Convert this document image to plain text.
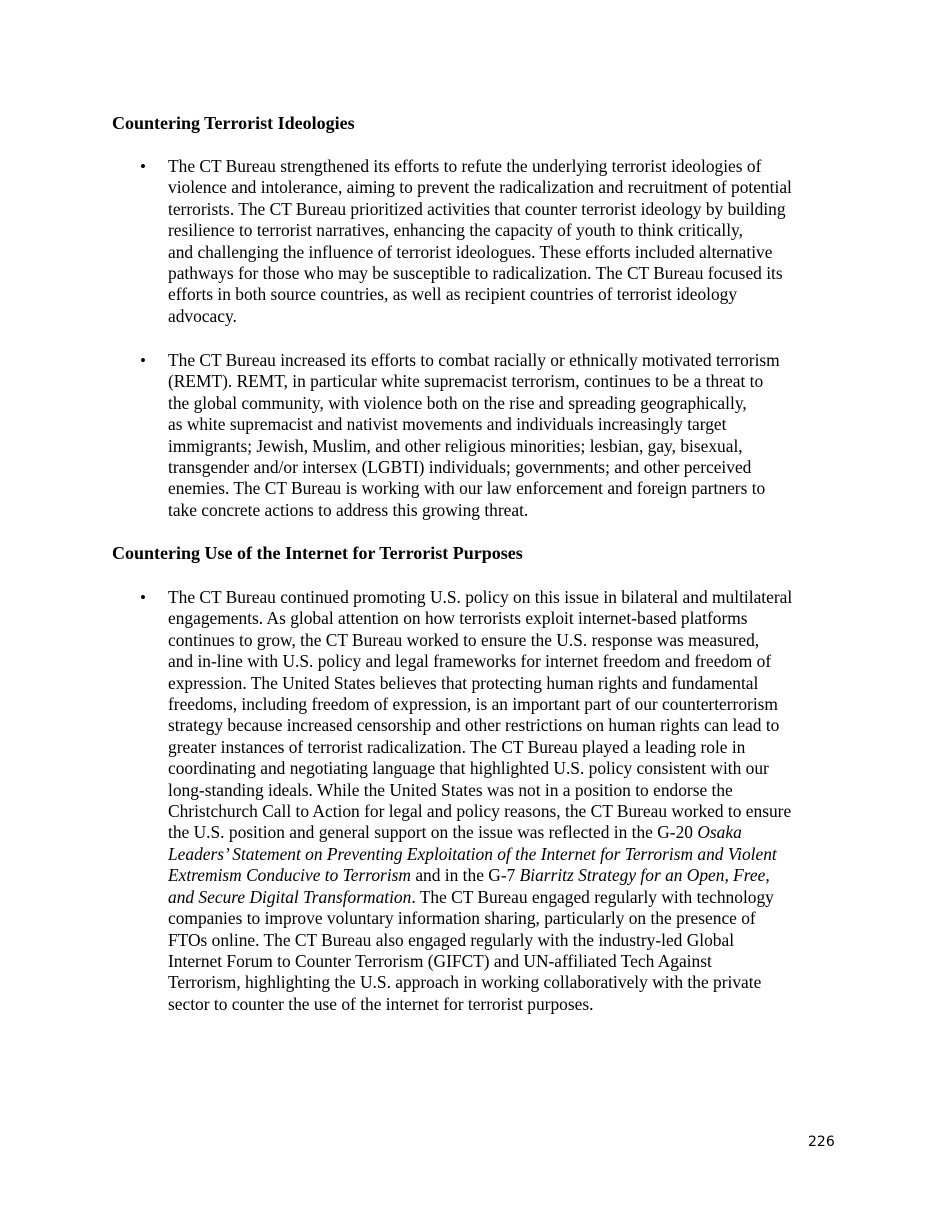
Countering Terrorist Ideologies
• The CT Bureau strengthened its efforts to refute the underlying terrorist ideologies of
violence and intolerance, aiming to prevent the radicalization and recruitment of potential
terrorists. The CT Bureau prioritized activities that counter terrorist ideology by building
resilience to terrorist narratives, enhancing the capacity of youth to think critically,
and challenging the influence of terrorist ideologues. These efforts included alternative
pathways for those who may be susceptible to radicalization. The CT Bureau focused its
efforts in both source countries, as well as recipient countries of terrorist ideology
advocacy.
• The CT Bureau increased its efforts to combat racially or ethnically motivated terrorism
(REMT). REMT, in particular white supremacist terrorism, continues to be a threat to
the global community, with violence both on the rise and spreading geographically,
as white supremacist and nativist movements and individuals increasingly target
immigrants; Jewish, Muslim, and other religious minorities; lesbian, gay, bisexual,
transgender and/or intersex (LGBTI) individuals; governments; and other perceived
enemies. The CT Bureau is working with our law enforcement and foreign partners to
take concrete actions to address this growing threat.
Countering Use of the Internet for Terrorist Purposes
• The CT Bureau continued promoting U.S. policy on this issue in bilateral and multilateral
engagements. As global attention on how terrorists exploit internet-based platforms
continues to grow, the CT Bureau worked to ensure the U.S. response was measured,
and in-line with U.S. policy and legal frameworks for internet freedom and freedom of
expression. The United States believes that protecting human rights and fundamental
freedoms, including freedom of expression, is an important part of our counterterrorism
strategy because increased censorship and other restrictions on human rights can lead to
greater instances of terrorist radicalization. The CT Bureau played a leading role in
coordinating and negotiating language that highlighted U.S. policy consistent with our
long-standing ideals. While the United States was not in a position to endorse the
Christchurch Call to Action for legal and policy reasons, the CT Bureau worked to ensure
the U.S. position and general support on the issue was reflected in the G-20 Osaka
Leaders’ Statement on Preventing Exploitation of the Internet for Terrorism and Violent
Extremism Conducive to Terrorism and in the G-7 Biarritz Strategy for an Open, Free,
and Secure Digital Transformation. The CT Bureau engaged regularly with technology
companies to improve voluntary information sharing, particularly on the presence of
FTOs online. The CT Bureau also engaged regularly with the industry-led Global
Internet Forum to Counter Terrorism (GIFCT) and UN-affiliated Tech Against
Terrorism, highlighting the U.S. approach in working collaboratively with the private
sector to counter the use of the internet for terrorist purposes.
226
